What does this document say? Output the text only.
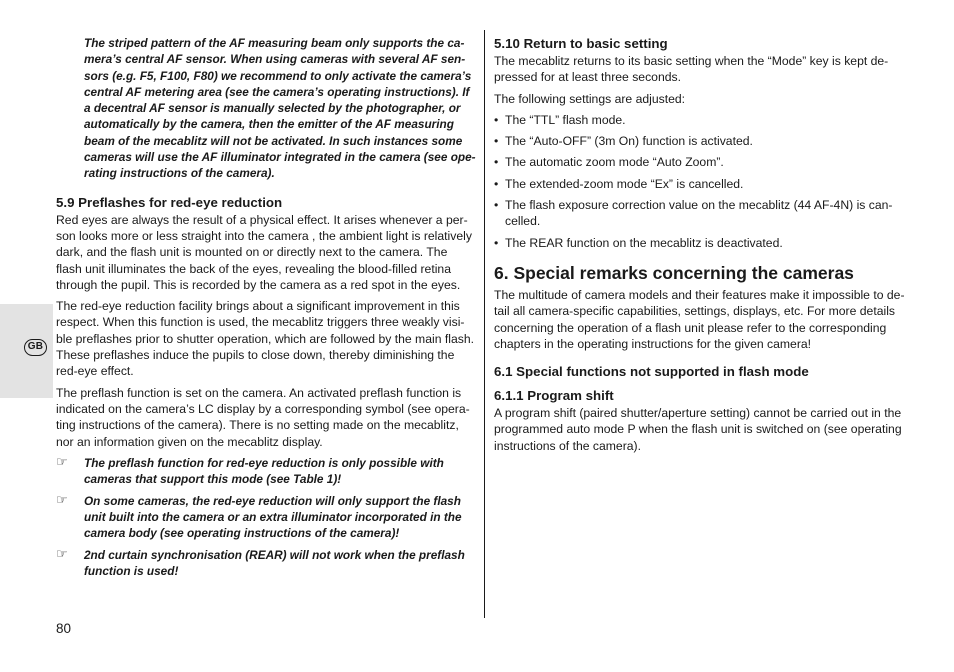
GB

The striped pattern of the AF measuring beam only supports the ca- mera’s central AF sensor. When using cameras with several AF sen- sors (e.g. F5, F100, F80) we recommend to only activate the camera’s central AF metering area (see the camera’s operating instructions). If a decentral AF sensor is manually selected by the photographer, or automatically by the camera, then the emitter of the AF measuring beam of the mecablitz will not be activated. In such instances some cameras will use the AF illuminator integrated in the camera (see ope- rating instructions of the camera).

5.9 Preflashes for red-eye reduction

Red eyes are always the result of a physical effect. It arises whenever a per- son looks more or less straight into the camera , the ambient light is relatively dark, and the flash unit is mounted on or directly next to the camera. The flash unit illuminates the back of the eyes, revealing the blood-filled retina through the pupil. This is recorded by the camera as a red spot in the eyes.

The red-eye reduction facility brings about a significant improvement in this respect. When this function is used, the mecablitz triggers three weakly visi- ble preflashes prior to shutter operation, which are followed by the main flash. These preflashes induce the pupils to close down, thereby diminishing the red-eye effect.

The preflash function is set on the camera. An activated preflash function is indicated on the camera’s LC display by a corresponding symbol (see opera- ting instructions of the camera). There is no setting made on the mecablitz, nor an information given on the mecablitz display.

☞ The preflash function for red-eye reduction is only possible with cameras that support this mode (see Table 1)!
☞ On some cameras, the red-eye reduction will only support the flash unit built into the camera or an extra illuminator incorporated in the camera body (see operating instructions of the camera)!
☞ 2nd curtain synchronisation (REAR) will not work when the preflash function is used!
5.10 Return to basic setting

The mecablitz returns to its basic setting when the “Mode” key is kept de- pressed for at least three seconds.

The following settings are adjusted:

• The “TTL” flash mode.
• The “Auto-OFF” (3m On) function is activated.
• The automatic zoom mode “Auto Zoom”.
• The extended-zoom mode “Ex” is cancelled.
• The flash exposure correction value on the mecablitz (44 AF-4N) is can- celled.
• The REAR function on the mecablitz is deactivated.
6. Special remarks concerning the cameras

The multitude of camera models and their features make it impossible to de- tail all camera-specific capabilities, settings, displays, etc. For more details concerning the operation of a flash unit please refer to the corresponding chapters in the operating instructions for the given camera!

6.1 Special functions not supported in flash mode
6.1.1 Program shift

A program shift (paired shutter/aperture setting) cannot be carried out in the programmed auto mode P when the flash unit is switched on (see operating instructions of the camera).

80
